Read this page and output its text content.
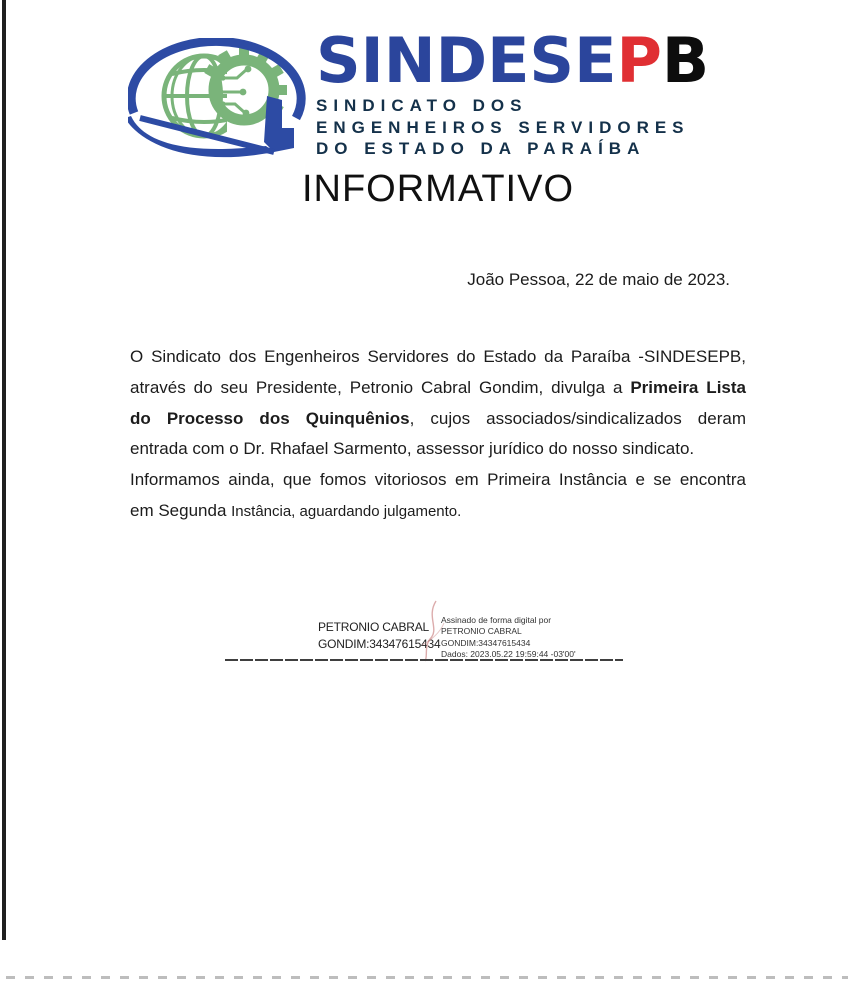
SINDESEPB
SINDICATO DOS
ENGENHEIROS SERVIDORES
DO ESTADO DA PARAÍBA
INFORMATIVO
João Pessoa, 22 de maio de 2023.
O Sindicato dos Engenheiros Servidores do Estado da Paraíba -SINDESEPB,
através do seu Presidente, Petronio Cabral Gondim, divulga a Primeira Lista
do Processo dos Quinquênios, cujos associados/sindicalizados deram
entrada com o Dr. Rhafael Sarmento, assessor jurídico do nosso sindicato.
Informamos ainda, que fomos vitoriosos em Primeira Instância e se encontra
em Segunda Instância, aguardando julgamento.
PETRONIO CABRAL
GONDIM:34347615434
Assinado de forma digital por
PETRONIO CABRAL
GONDIM:34347615434
Dados: 2023.05.22 19:59:44 -03'00'
